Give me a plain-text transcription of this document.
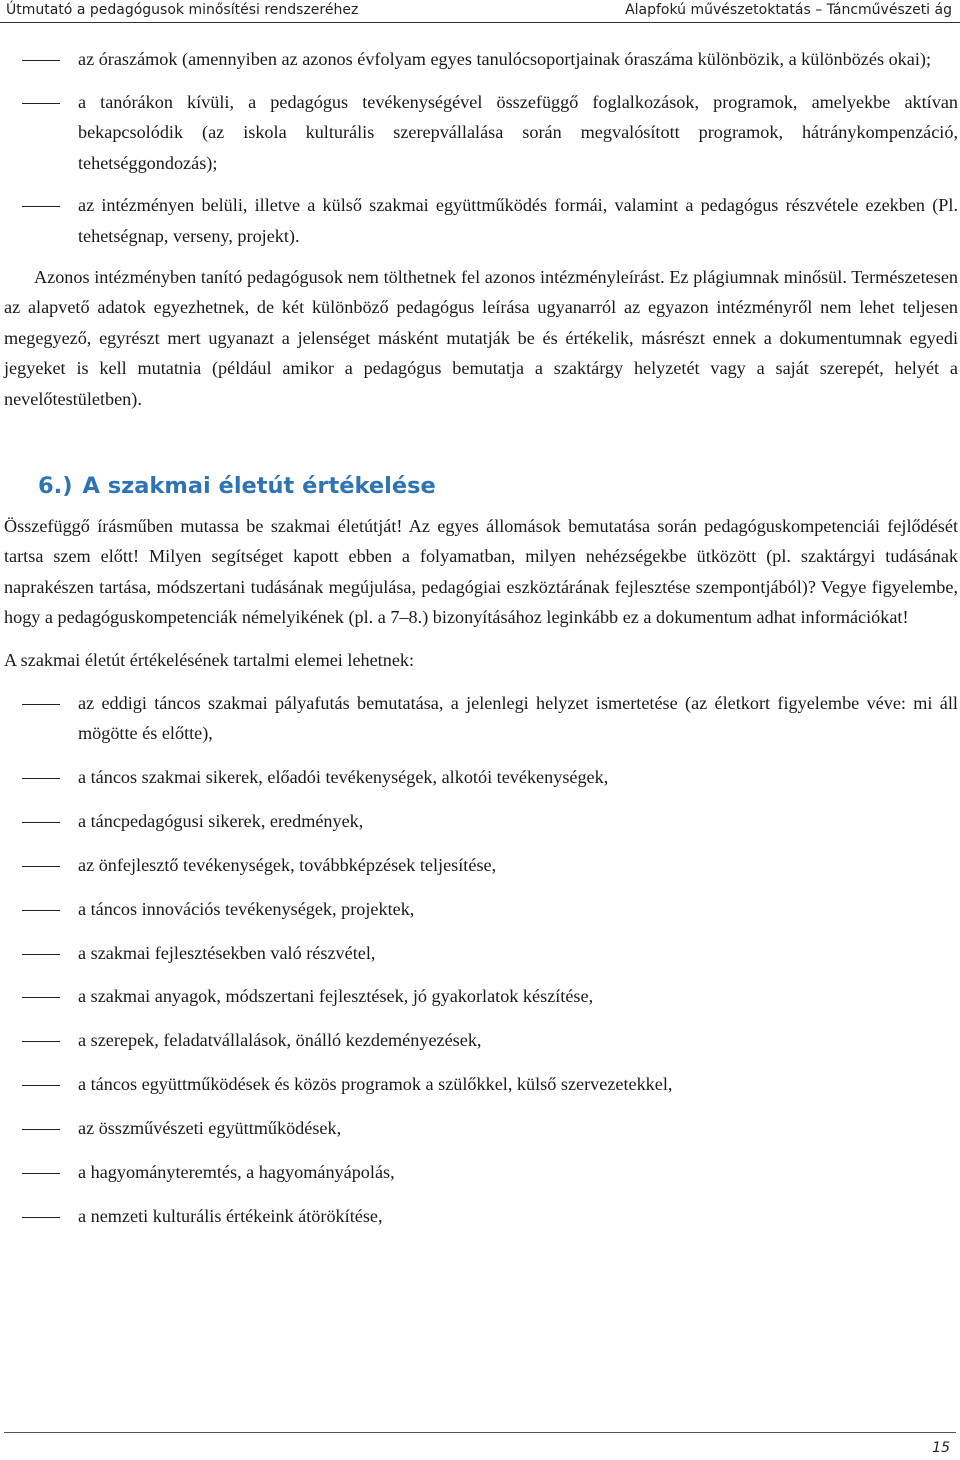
Útmutató a pedagógusok minősítési rendszeréhez	Alapfokú művészetoktatás – Táncművészeti ág
az óraszámok (amennyiben az azonos évfolyam egyes tanulócsoportjainak óraszáma különbözik, a különbözés okai);
a tanórákon kívüli, a pedagógus tevékenységével összefüggő foglalkozások, programok, amelyekbe aktívan bekapcsolódik (az iskola kulturális szerepvállalása során megvalósított programok, hátránykompenzáció, tehetséggondozás);
az intézményen belüli, illetve a külső szakmai együttműködés formái, valamint a pedagógus részvétele ezekben (Pl. tehetségnap, verseny, projekt).

Azonos intézményben tanító pedagógusok nem tölthetnek fel azonos intézményleírást. Ez plágiumnak minősül. Természetesen az alapvető adatok egyezhetnek, de két különböző pedagógus leírása ugyanarról az egyazon intézményről nem lehet teljesen megegyező, egyrészt mert ugyanazt a jelenséget másként mutatják be és értékelik, másrészt ennek a dokumentumnak egyedi jegyeket is kell mutatnia (például amikor a pedagógus bemutatja a szaktárgy helyzetét vagy a saját szerepét, helyét a nevelőtestületben).

6.) A szakmai életút értékelése

Összefüggő írásműben mutassa be szakmai életútját! Az egyes állomások bemutatása során pedagóguskompetenciái fejlődését tartsa szem előtt! Milyen segítséget kapott ebben a folyamatban, milyen nehézségekbe ütközött (pl. szaktárgyi tudásának naprakészen tartása, módszertani tudásának megújulása, pedagógiai eszköztárának fejlesztése szempontjából)? Vegye figyelembe, hogy a pedagóguskompetenciák némelyikének (pl. a 7–8.) bizonyításához leginkább ez a dokumentum adhat információkat!

A szakmai életút értékelésének tartalmi elemei lehetnek:

az eddigi táncos szakmai pályafutás bemutatása, a jelenlegi helyzet ismertetése (az életkort figyelembe véve: mi áll mögötte és előtte),
a táncos szakmai sikerek, előadói tevékenységek, alkotói tevékenységek,
a táncpedagógusi sikerek, eredmények,
az önfejlesztő tevékenységek, továbbképzések teljesítése,
a táncos innovációs tevékenységek, projektek,
a szakmai fejlesztésekben való részvétel,
a szakmai anyagok, módszertani fejlesztések, jó gyakorlatok készítése,
a szerepek, feladatvállalások, önálló kezdeményezések,
a táncos együttműködések és közös programok a szülőkkel, külső szervezetekkel,
az összművészeti együttműködések,
a hagyományteremtés, a hagyományápolás,
a nemzeti kulturális értékeink átörökítése,
15
